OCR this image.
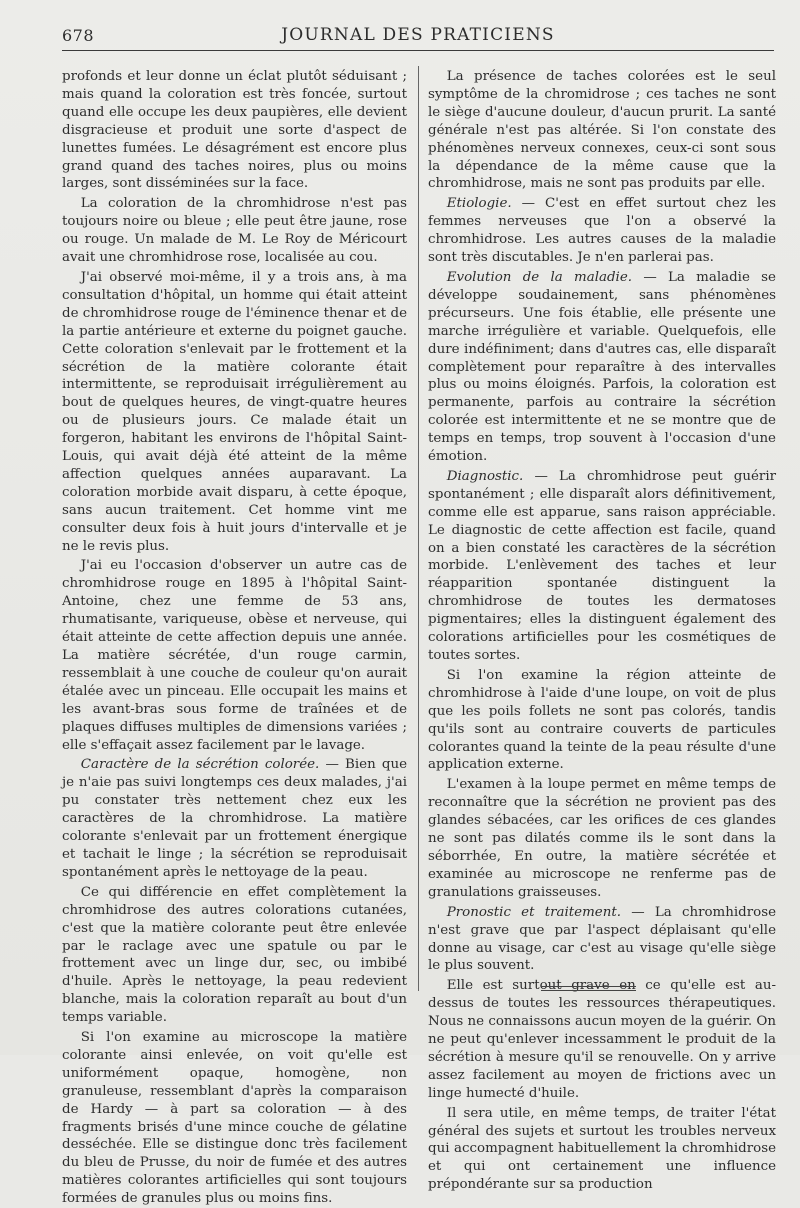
678	JOURNAL DES PRATICIENS

profonds et leur donne un éclat plutôt séduisant ; mais quand la coloration est très foncée, surtout quand elle occupe les deux paupières, elle devient disgracieuse et produit une sorte d'aspect de lunettes fumées. Le désagrément est encore plus grand quand des taches noires, plus ou moins larges, sont disséminées sur la face.

La coloration de la chromhidrose n'est pas toujours noire ou bleue ; elle peut être jaune, rose ou rouge. Un malade de M. Le Roy de Méricourt avait une chromhidrose rose, localisée au cou.

J'ai observé moi-même, il y a trois ans, à ma consultation d'hôpital, un homme qui était atteint de chromhidrose rouge de l'éminence thenar et de la partie antérieure et externe du poignet gauche. Cette coloration s'enlevait par le frottement et la sécrétion de la matière colorante était intermittente, se reproduisait irrégulièrement au bout de quelques heures, de vingt-quatre heures ou de plusieurs jours. Ce malade était un forgeron, habitant les environs de l'hôpital Saint-Louis, qui avait déjà été atteint de la même affection quelques années auparavant. La coloration morbide avait disparu, à cette époque, sans aucun traitement. Cet homme vint me consulter deux fois à huit jours d'intervalle et je ne le revis plus.

J'ai eu l'occasion d'observer un autre cas de chromhidrose rouge en 1895 à l'hôpital Saint-Antoine, chez une femme de 53 ans, rhumatisante, variqueuse, obèse et nerveuse, qui était atteinte de cette affection depuis une année. La matière sécrétée, d'un rouge carmin, ressemblait à une couche de couleur qu'on aurait étalée avec un pinceau. Elle occupait les mains et les avant-bras sous forme de traînées et de plaques diffuses multiples de dimensions variées ; elle s'effaçait assez facilement par le lavage.

Caractère de la sécrétion colorée. — Bien que je n'aie pas suivi longtemps ces deux malades, j'ai pu constater très nettement chez eux les caractères de la chromhidrose. La matière colorante s'enlevait par un frottement énergique et tachait le linge ; la sécrétion se reproduisait spontanément après le nettoyage de la peau.

Ce qui différencie en effet complètement la chromhidrose des autres colorations cutanées, c'est que la matière colorante peut être enlevée par le raclage avec une spatule ou par le frottement avec un linge dur, sec, ou imbibé d'huile. Après le nettoyage, la peau redevient blanche, mais la coloration reparaît au bout d'un temps variable.

Si l'on examine au microscope la matière colorante ainsi enlevée, on voit qu'elle est uniformément opaque, homogène, non granuleuse, ressemblant d'après la comparaison de Hardy — à part sa coloration — à des fragments brisés d'une mince couche de gélatine desséchée. Elle se distingue donc très facilement du bleu de Prusse, du noir de fumée et des autres matières colorantes artificielles qui sont toujours formées de granules plus ou moins fins.

La présence de taches colorées est le seul symptôme de la chromidrose ; ces taches ne sont le siège d'aucune douleur, d'aucun prurit. La santé générale n'est pas altérée. Si l'on constate des phénomènes nerveux connexes, ceux-ci sont sous la dépendance de la même cause que la chromhidrose, mais ne sont pas produits par elle.

Etiologie. — C'est en effet surtout chez les femmes nerveuses que l'on a observé la chromhidrose. Les autres causes de la maladie sont très discutables. Je n'en parlerai pas.

Evolution de la maladie. — La maladie se développe soudainement, sans phénomènes précurseurs. Une fois établie, elle présente une marche irrégulière et variable. Quelquefois, elle dure indéfiniment; dans d'autres cas, elle disparaît complètement pour reparaître à des intervalles plus ou moins éloignés. Parfois, la coloration est permanente, parfois au contraire la sécrétion colorée est intermittente et ne se montre que de temps en temps, trop souvent à l'occasion d'une émotion.

Diagnostic. — La chromhidrose peut guérir spontanément ; elle disparaît alors définitivement, comme elle est apparue, sans raison appréciable. Le diagnostic de cette affection est facile, quand on a bien constaté les caractères de la sécrétion morbide. L'enlèvement des taches et leur réapparition spontanée distinguent la chromhidrose de toutes les dermatoses pigmentaires; elles la distinguent également des colorations artificielles pour les cosmétiques de toutes sortes.

Si l'on examine la région atteinte de chromhidrose à l'aide d'une loupe, on voit de plus que les poils follets ne sont pas colorés, tandis qu'ils sont au contraire couverts de particules colorantes quand la teinte de la peau résulte d'une application externe.

L'examen à la loupe permet en même temps de reconnaître que la sécrétion ne provient pas des glandes sébacées, car les orifices de ces glandes ne sont pas dilatés comme ils le sont dans la séborrhée, En outre, la matière sécrétée et examinée au microscope ne renferme pas de granulations graisseuses.

Pronostic et traitement. — La chromhidrose n'est grave que par l'aspect déplaisant qu'elle donne au visage, car c'est au visage qu'elle siège le plus souvent.

Elle est surtout grave en ce qu'elle est au-dessus de toutes les ressources thérapeutiques. Nous ne connaissons aucun moyen de la guérir. On ne peut qu'enlever incessamment le produit de la sécrétion à mesure qu'il se renouvelle. On y arrive assez facilement au moyen de frictions avec un linge humecté d'huile.

Il sera utile, en même temps, de traiter l'état général des sujets et surtout les troubles nerveux qui accompagnent habituellement la chromhidrose et qui ont certainement une influence prépondérante sur sa production
